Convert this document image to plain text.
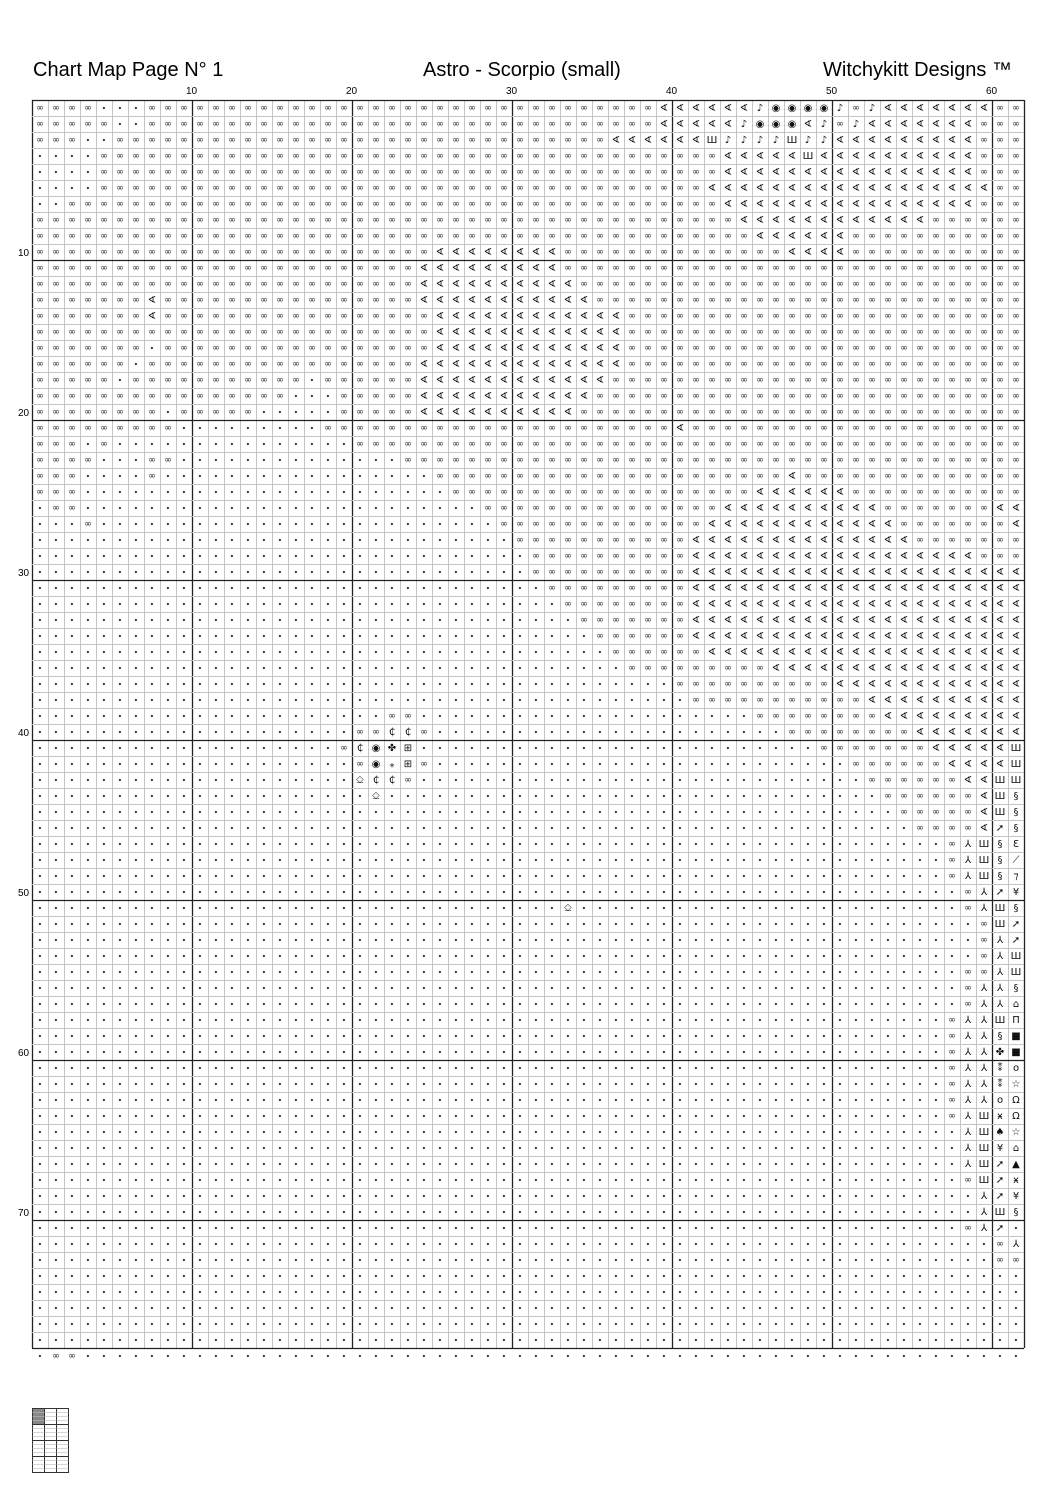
Chart Map Page N° 1	Astro - Scorpio (small)	Witchykitt Designs ™
10	20	30	40	50	60
10
20
30
40
50
60
70
∞ ∞ ∞ ∞ • • • ∞ ∞ ∞ ∞ ∞ ∞ ∞ ∞ ∞ ∞ ∞ ∞ ∞ ∞ ∞ ∞ ∞ ∞ ∞ ∞ ∞ ∞ ∞ ∞ ∞ ∞ ∞ ∞ ∞ ∞ ∞ ∞ ∢ ∢ ∢ ∢ ∢ ∢ ♪ ◉ ◉ ◉ ◉ ♪ ∞ ♪ ∢ ∢ ∢ ∢ ∢ ∢ ∢ ∞ ∞
∞ ∞ ∞ ∞ ∞ • • ∞ ∞ ∞ ∞ ∞ ∞ ∞ ∞ ∞ ∞ ∞ ∞ ∞ ∞ ∞ ∞ ∞ ∞ ∞ ∞ ∞ ∞ ∞ ∞ ∞ ∞ ∞ ∞ ∞ ∞ ∞ ∞ ∢ ∢ ∢ ∢ ∢ ♪ ◉ ◉ ◉ ∢ ♪ ∞ ♪ ∢ ∢ ∢ ∢ ∢ ∢ ∢ ∞ ∞ ∞
∞ ∞ ∞ • • ∞ ∞ ∞ ∞ ∞ ∞ ∞ ∞ ∞ ∞ ∞ ∞ ∞ ∞ ∞ ∞ ∞ ∞ ∞ ∞ ∞ ∞ ∞ ∞ ∞ ∞ ∞ ∞ ∞ ∞ ∞ ∢ ∢ ∢ ∢ ∢ ∢ Ш ♪ ♪ ♪ ♪ Ш ♪ ♪ ∢ ∢ ∢ ∢ ∢ ∢ ∢ ∢ ∢ ∞ ∞ ∞
• • • • ∞ ∞ ∞ ∞ ∞ ∞ ∞ ∞ ∞ ∞ ∞ ∞ ∞ ∞ ∞ ∞ ∞ ∞ ∞ ∞ ∞ ∞ ∞ ∞ ∞ ∞ ∞ ∞ ∞ ∞ ∞ ∞ ∞ ∞ ∞ ∞ ∞ ∞ ∞ ∢ ∢ ∢ ∢ ∢ Ш ∢ ∢ ∢ ∢ ∢ ∢ ∢ ∢ ∢ ∢ ∞ ∞ ∞
• • • • ∞ ∞ ∞ ∞ ∞ ∞ ∞ ∞ ∞ ∞ ∞ ∞ ∞ ∞ ∞ ∞ ∞ ∞ ∞ ∞ ∞ ∞ ∞ ∞ ∞ ∞ ∞ ∞ ∞ ∞ ∞ ∞ ∞ ∞ ∞ ∞ ∞ ∞ ∞ ∢ ∢ ∢ ∢ ∢ ∢ ∢ ∢ ∢ ∢ ∢ ∢ ∢ ∢ ∢ ∢ ∞ ∞ ∞
• • • • ∞ ∞ ∞ ∞ ∞ ∞ ∞ ∞ ∞ ∞ ∞ ∞ ∞ ∞ ∞ ∞ ∞ ∞ ∞ ∞ ∞ ∞ ∞ ∞ ∞ ∞ ∞ ∞ ∞ ∞ ∞ ∞ ∞ ∞ ∞ ∞ ∞ ∞ ∢ ∢ ∢ ∢ ∢ ∢ ∢ ∢ ∢ ∢ ∢ ∢ ∢ ∢ ∢ ∢ ∢ ∢ ∞ ∞
• • ∞ ∞ ∞ ∞ ∞ ∞ ∞ ∞ ∞ ∞ ∞ ∞ ∞ ∞ ∞ ∞ ∞ ∞ ∞ ∞ ∞ ∞ ∞ ∞ ∞ ∞ ∞ ∞ ∞ ∞ ∞ ∞ ∞ ∞ ∞ ∞ ∞ ∞ ∞ ∞ ∞ ∢ ∢ ∢ ∢ ∢ ∢ ∢ ∢ ∢ ∢ ∢ ∢ ∢ ∢ ∢ ∢ ∞ ∞ ∞
∞ ∞ ∞ ∞ ∞ ∞ ∞ ∞ ∞ ∞ ∞ ∞ ∞ ∞ ∞ ∞ ∞ ∞ ∞ ∞ ∞ ∞ ∞ ∞ ∞ ∞ ∞ ∞ ∞ ∞ ∞ ∞ ∞ ∞ ∞ ∞ ∞ ∞ ∞ ∞ ∞ ∞ ∞ ∞ ∢ ∢ ∢ ∢ ∢ ∢ ∢ ∢ ∢ ∢ ∢ ∢ ∞ ∞ ∞ ∞ ∞ ∞
∞ ∞ ∞ ∞ ∞ ∞ ∞ ∞ ∞ ∞ ∞ ∞ ∞ ∞ ∞ ∞ ∞ ∞ ∞ ∞ ∞ ∞ ∞ ∞ ∞ ∞ ∞ ∞ ∞ ∞ ∞ ∞ ∞ ∞ ∞ ∞ ∞ ∞ ∞ ∞ ∞ ∞ ∞ ∞ ∞ ∢ ∢ ∢ ∢ ∢ ∢ ∞ ∞ ∞ ∞ ∞ ∞ ∞ ∞ ∞ ∞ ∞
∞ ∞ ∞ ∞ ∞ ∞ ∞ ∞ ∞ ∞ ∞ ∞ ∞ ∞ ∞ ∞ ∞ ∞ ∞ ∞ ∞ ∞ ∞ ∞ ∞ ∢ ∢ ∢ ∢ ∢ ∢ ∢ ∢ ∞ ∞ ∞ ∞ ∞ ∞ ∞ ∞ ∞ ∞ ∞ ∞ ∞ ∞ ∢ ∢ ∢ ∢ ∞ ∞ ∞ ∞ ∞ ∞ ∞ ∞ ∞ ∞ ∞
∞ ∞ ∞ ∞ ∞ ∞ ∞ ∞ ∞ ∞ ∞ ∞ ∞ ∞ ∞ ∞ ∞ ∞ ∞ ∞ ∞ ∞ ∞ ∞ ∢ ∢ ∢ ∢ ∢ ∢ ∢ ∢ ∢ ∞ ∞ ∞ ∞ ∞ ∞ ∞ ∞ ∞ ∞ ∞ ∞ ∞ ∞ ∞ ∞ ∞ ∞ ∞ ∞ ∞ ∞ ∞ ∞ ∞ ∞ ∞ ∞ ∞
∞ ∞ ∞ ∞ ∞ ∞ ∞ ∞ ∞ ∞ ∞ ∞ ∞ ∞ ∞ ∞ ∞ ∞ ∞ ∞ ∞ ∞ ∞ ∞ ∢ ∢ ∢ ∢ ∢ ∢ ∢ ∢ ∢ ∢ ∞ ∞ ∞ ∞ ∞ ∞ ∞ ∞ ∞ ∞ ∞ ∞ ∞ ∞ ∞ ∞ ∞ ∞ ∞ ∞ ∞ ∞ ∞ ∞ ∞ ∞ ∞ ∞
∞ ∞ ∞ ∞ ∞ ∞ ∞ ∢ ∞ ∞ ∞ ∞ ∞ ∞ ∞ ∞ ∞ ∞ ∞ ∞ ∞ ∞ ∞ ∞ ∢ ∢ ∢ ∢ ∢ ∢ ∢ ∢ ∢ ∢ ∢ ∞ ∞ ∞ ∞ ∞ ∞ ∞ ∞ ∞ ∞ ∞ ∞ ∞ ∞ ∞ ∞ ∞ ∞ ∞ ∞ ∞ ∞ ∞ ∞ ∞ ∞ ∞
∞ ∞ ∞ ∞ ∞ ∞ ∞ ∢ ∞ ∞ ∞ ∞ ∞ ∞ ∞ ∞ ∞ ∞ ∞ ∞ ∞ ∞ ∞ ∞ ∞ ∢ ∢ ∢ ∢ ∢ ∢ ∢ ∢ ∢ ∢ ∢ ∢ ∞ ∞ ∞ ∞ ∞ ∞ ∞ ∞ ∞ ∞ ∞ ∞ ∞ ∞ ∞ ∞ ∞ ∞ ∞ ∞ ∞ ∞ ∞ ∞ ∞
∞ ∞ ∞ ∞ ∞ ∞ ∞ ∞ ∞ ∞ ∞ ∞ ∞ ∞ ∞ ∞ ∞ ∞ ∞ ∞ ∞ ∞ ∞ ∞ ∞ ∢ ∢ ∢ ∢ ∢ ∢ ∢ ∢ ∢ ∢ ∢ ∢ ∞ ∞ ∞ ∞ ∞ ∞ ∞ ∞ ∞ ∞ ∞ ∞ ∞ ∞ ∞ ∞ ∞ ∞ ∞ ∞ ∞ ∞ ∞ ∞ ∞
∞ ∞ ∞ ∞ ∞ ∞ ∞ • ∞ ∞ ∞ ∞ ∞ ∞ ∞ ∞ ∞ ∞ ∞ ∞ ∞ ∞ ∞ ∞ ∞ ∢ ∢ ∢ ∢ ∢ ∢ ∢ ∢ ∢ ∢ ∢ ∢ ∞ ∞ ∞ ∞ ∞ ∞ ∞ ∞ ∞ ∞ ∞ ∞ ∞ ∞ ∞ ∞ ∞ ∞ ∞ ∞ ∞ ∞ ∞ ∞ ∞
∞ ∞ ∞ ∞ ∞ ∞ • ∞ ∞ ∞ ∞ ∞ ∞ ∞ ∞ ∞ ∞ ∞ ∞ ∞ ∞ ∞ ∞ ∞ ∢ ∢ ∢ ∢ ∢ ∢ ∢ ∢ ∢ ∢ ∢ ∢ ∢ ∞ ∞ ∞ ∞ ∞ ∞ ∞ ∞ ∞ ∞ ∞ ∞ ∞ ∞ ∞ ∞ ∞ ∞ ∞ ∞ ∞ ∞ ∞ ∞ ∞
∞ ∞ ∞ ∞ ∞ • ∞ ∞ ∞ ∞ ∞ ∞ ∞ ∞ ∞ ∞ ∞ • ∞ ∞ ∞ ∞ ∞ ∞ ∢ ∢ ∢ ∢ ∢ ∢ ∢ ∢ ∢ ∢ ∢ ∢ ∞ ∞ ∞ ∞ ∞ ∞ ∞ ∞ ∞ ∞ ∞ ∞ ∞ ∞ ∞ ∞ ∞ ∞ ∞ ∞ ∞ ∞ ∞ ∞ ∞ ∞
∞ ∞ ∞ ∞ ∞ ∞ ∞ ∞ ∞ ∞ ∞ ∞ ∞ ∞ ∞ ∞ • • • ∞ ∞ ∞ ∞ ∞ ∢ ∢ ∢ ∢ ∢ ∢ ∢ ∢ ∢ ∢ ∢ ∞ ∞ ∞ ∞ ∞ ∞ ∞ ∞ ∞ ∞ ∞ ∞ ∞ ∞ ∞ ∞ ∞ ∞ ∞ ∞ ∞ ∞ ∞ ∞ ∞ ∞ ∞
∞ ∞ ∞ ∞ ∞ ∞ ∞ ∞ • ∞ ∞ ∞ ∞ ∞ • • • • • ∞ ∞ ∞ ∞ ∞ ∢ ∢ ∢ ∢ ∢ ∢ ∢ ∢ ∢ ∢ ∞ ∞ ∞ ∞ ∞ ∞ ∞ ∞ ∞ ∞ ∞ ∞ ∞ ∞ ∞ ∞ ∞ ∞ ∞ ∞ ∞ ∞ ∞ ∞ ∞ ∞ ∞ ∞
∞ ∞ ∞ ∞ ∞ ∞ ∞ ∞ ∞ • • • • • • • • • ∞ ∞ ∞ ∞ ∞ ∞ ∞ ∞ ∞ ∞ ∞ ∞ ∞ ∞ ∞ ∞ ∞ ∞ ∞ ∞ ∞ ∞ ∢ ∞ ∞ ∞ ∞ ∞ ∞ ∞ ∞ ∞ ∞ ∞ ∞ ∞ ∞ ∞ ∞ ∞ ∞ ∞ ∞ ∞
∞ ∞ ∞ • ∞ • • • • • • • • • • • • • • • ∞ ∞ ∞ ∞ ∞ ∞ ∞ ∞ ∞ ∞ ∞ ∞ ∞ ∞ ∞ ∞ ∞ ∞ ∞ ∞ ∞ ∞ ∞ ∞ ∞ ∞ ∞ ∞ ∞ ∞ ∞ ∞ ∞ ∞ ∞ ∞ ∞ ∞ ∞ ∞ ∞ ∞
∞ ∞ ∞ ∞ • • • ∞ ∞ • • • • • • • • • • • • • • ∞ ∞ ∞ ∞ ∞ ∞ ∞ ∞ ∞ ∞ ∞ ∞ ∞ ∞ ∞ ∞ ∞ ∞ ∞ ∞ ∞ ∞ ∞ ∞ ∞ ∞ ∞ ∞ ∞ ∞ ∞ ∞ ∞ ∞ ∞ ∞ ∞ ∞ ∞
∞ ∞ ∞ • • • • ∞ • • • • • • • • • • • • • • • • • ∞ ∞ ∞ ∞ ∞ ∞ ∞ ∞ ∞ ∞ ∞ ∞ ∞ ∞ ∞ ∞ ∞ ∞ ∞ ∞ ∞ ∞ ∢ ∞ ∞ ∞ ∞ ∞ ∞ ∞ ∞ ∞ ∞ ∞ ∞ ∞ ∞
∞ ∞ ∞ • • • • • • • • • • • • • • • • • • • • • • • ∞ ∞ ∞ ∞ ∞ ∞ ∞ ∞ ∞ ∞ ∞ ∞ ∞ ∞ ∞ ∞ ∞ ∞ ∞ ∢ ∢ ∢ ∢ ∢ ∢ ∞ ∞ ∞ ∞ ∞ ∞ ∞ ∞ ∞ ∞ ∞
• ∞ ∞ • • • • • • • • • • • • • • • • • • • • • • • • • ∞ ∞ ∞ ∞ ∞ ∞ ∞ ∞ ∞ ∞ ∞ ∞ ∞ ∞ ∞ ∢ ∢ ∢ ∢ ∢ ∢ ∢ ∢ ∢ ∢ ∞ ∞ ∞ ∞ ∞ ∞ ∞ ∢ ∢
• • • ∞ • • • • • • • • • • • • • • • • • • • • • • • • • ∞ ∞ ∞ ∞ ∞ ∞ ∞ ∞ ∞ ∞ ∞ ∞ ∞ ∢ ∢ ∢ ∢ ∢ ∢ ∢ ∢ ∢ ∢ ∢ ∢ ∞ ∞ ∞ ∞ ∞ ∞ ∞ ∢
• • • • • • • • • • • • • • • • • • • • • • • • • • • • • • ∞ ∞ ∞ ∞ ∞ ∞ ∞ ∞ ∞ ∞ ∞ ∢ ∢ ∢ ∢ ∢ ∢ ∢ ∢ ∢ ∢ ∢ ∢ ∢ ∢ ∞ ∞ ∞ ∞ ∞ ∞ ∞
• • • • • • • • • • • • • • • • • • • • • • • • • • • • • • • ∞ ∞ ∞ ∞ ∞ ∞ ∞ ∞ ∞ ∞ ∢ ∢ ∢ ∢ ∢ ∢ ∢ ∢ ∢ ∢ ∢ ∢ ∢ ∢ ∢ ∢ ∢ ∢ ∞ ∞ ∞
• • • • • • • • • • • • • • • • • • • • • • • • • • • • • • • ∞ ∞ ∞ ∞ ∞ ∞ ∞ ∞ ∞ ∞ ∢ ∢ ∢ ∢ ∢ ∢ ∢ ∢ ∢ ∢ ∢ ∢ ∢ ∢ ∢ ∢ ∢ ∢ ∢ ∢ ∢
• • • • • • • • • • • • • • • • • • • • • • • • • • • • • • • • ∞ ∞ ∞ ∞ ∞ ∞ ∞ ∞ ∞ ∢ ∢ ∢ ∢ ∢ ∢ ∢ ∢ ∢ ∢ ∢ ∢ ∢ ∢ ∢ ∢ ∢ ∢ ∢ ∢ ∢
• • • • • • • • • • • • • • • • • • • • • • • • • • • • • • • • • ∞ ∞ ∞ ∞ ∞ ∞ ∞ ∞ ∢ ∢ ∢ ∢ ∢ ∢ ∢ ∢ ∢ ∢ ∢ ∢ ∢ ∢ ∢ ∢ ∢ ∢ ∢ ∢ ∢
• • • • • • • • • • • • • • • • • • • • • • • • • • • • • • • • • • ∞ ∞ ∞ ∞ ∞ ∞ ∞ ∢ ∢ ∢ ∢ ∢ ∢ ∢ ∢ ∢ ∢ ∢ ∢ ∢ ∢ ∢ ∢ ∢ ∢ ∢ ∢ ∢
• • • • • • • • • • • • • • • • • • • • • • • • • • • • • • • • • • • ∞ ∞ ∞ ∞ ∞ ∞ ∢ ∢ ∢ ∢ ∢ ∢ ∢ ∢ ∢ ∢ ∢ ∢ ∢ ∢ ∢ ∢ ∢ ∢ ∢ ∢ ∢
• • • • • • • • • • • • • • • • • • • • • • • • • • • • • • • • • • • • ∞ ∞ ∞ ∞ ∞ ∞ ∢ ∢ ∢ ∢ ∢ ∢ ∢ ∢ ∢ ∢ ∢ ∢ ∢ ∢ ∢ ∢ ∢ ∢ ∢ ∢
• • • • • • • • • • • • • • • • • • • • • • • • • • • • • • • • • • • • • ∞ ∞ ∞ ∞ ∞ ∞ ∞ ∞ ∞ ∢ ∢ ∢ ∢ ∢ ∢ ∢ ∢ ∢ ∢ ∢ ∢ ∢ ∢ ∢ ∢
• • • • • • • • • • • • • • • • • • • • • • • • • • • • • • • • • • • • • • • • ∞ ∞ ∞ ∞ ∞ ∞ ∞ ∞ ∞ ∞ ∢ ∢ ∢ ∢ ∢ ∢ ∢ ∢ ∢ ∢ ∢ ∢
• • • • • • • • • • • • • • • • • • • • • • • • • • • • • • • • • • • • • • • • • ∞ ∞ ∞ ∞ ∞ ∞ ∞ ∞ ∞ ∞ ∞ ∢ ∢ ∢ ∢ ∢ ∢ ∢ ∢ ∢ ∢
• • • • • • • • • • • • • • • • • • • • • • ∞ ∞ • • • • • • • • • • • • • • • • • • • • • ∞ ∞ ∞ ∞ ∞ ∞ ∞ ∞ ∢ ∢ ∢ ∢ ∢ ∢ ∢ ∢ ∢
• • • • • • • • • • • • • • • • • • • • ∞ ∞ ₵ ₵ ∞ • • • • • • • • • • • • • • • • • • • • • • ∞ ∞ ∞ ∞ ∞ ∞ ∞ ∞ ∢ ∢ ∢ ∢ ∢ ∢ ∢
• • • • • • • • • • • • • • • • • • • ∞ ₵ ◉ ✤ ⊞ • • • • • • • • • • • • • • • • • • • • • • • • • ∞ ∞ ∞ ∞ ∞ ∞ ∞ ∢ ∢ ∢ ∢ ∢ Ш
• • • • • • • • • • • • • • • • • • • • ∞ ◉ ⁎ ⊞ ∞ • • • • • • • • • • • • • • • • • • • • • • • • • • ∞ ∞ ∞ ∞ ∞ ∞ ∢ ∢ ∢ ∢ Ш
• • • • • • • • • • • • • • • • • • • • ⎐ ₵ ₵ ∞ • • • • • • • • • • • • • • • • • • • • • • • • • • • • ∞ ∞ ∞ ∞ ∞ ∞ ∢ ∢ Ш Ш
• • • • • • • • • • • • • • • • • • • • • ⎐ • • • • • • • • • • • • • • • • • • • • • • • • • • • • • • • ∞ ∞ ∞ ∞ ∞ ∞ ∢ Ш §
• • • • • • • • • • • • • • • • • • • • • • • • • • • • • • • • • • • • • • • • • • • • • • • • • • • • • • ∞ ∞ ∞ ∞ ∞ ∢ Ш §
• • • • • • • • • • • • • • • • • • • • • • • • • • • • • • • • • • • • • • • • • • • • • • • • • • • • • • • ∞ ∞ ∞ ∞ ∢ ➚ §
• • • • • • • • • • • • • • • • • • • • • • • • • • • • • • • • • • • • • • • • • • • • • • • • • • • • • • • • • ∞ ⅄ Ш § Ɛ
• • • • • • • • • • • • • • • • • • • • • • • • • • • • • • • • • • • • • • • • • • • • • • • • • • • • • • • • • ∞ ⅄ Ш § ⟋
• • • • • • • • • • • • • • • • • • • • • • • • • • • • • • • • • • • • • • • • • • • • • • • • • • • • • • • • • ∞ ⅄ Ш § ⁊
• • • • • • • • • • • • • • • • • • • • • • • • • • • • • • • • • • • • • • • • • • • • • • • • • • • • • • • • • • ∞ ⅄ ➚ ¥
• • • • • • • • • • • • • • • • • • • • • • • • • • • • • • • • • ⎐ • • • • • • • • • • • • • • • • • • • • • • • • ∞ ⅄ Ш §
• • • • • • • • • • • • • • • • • • • • • • • • • • • • • • • • • • • • • • • • • • • • • • • • • • • • • • • • • • • ∞ Ш ➚
• • • • • • • • • • • • • • • • • • • • • • • • • • • • • • • • • • • • • • • • • • • • • • • • • • • • • • • • • • • ∞ ⅄ ➚
• • • • • • • • • • • • • • • • • • • • • • • • • • • • • • • • • • • • • • • • • • • • • • • • • • • • • • • • • • • ∞ ⅄ Ш
• • • • • • • • • • • • • • • • • • • • • • • • • • • • • • • • • • • • • • • • • • • • • • • • • • • • • • • • • • ∞ ∞ ⅄ Ш
• • • • • • • • • • • • • • • • • • • • • • • • • • • • • • • • • • • • • • • • • • • • • • • • • • • • • • • • • • ∞ ⅄ ⅄ §
• • • • • • • • • • • • • • • • • • • • • • • • • • • • • • • • • • • • • • • • • • • • • • • • • • • • • • • • • • ∞ ⅄ ⅄ ⌂
• • • • • • • • • • • • • • • • • • • • • • • • • • • • • • • • • • • • • • • • • • • • • • • • • • • • • • • • • ∞ ⅄ ⅄ Ш Π
• • • • • • • • • • • • • • • • • • • • • • • • • • • • • • • • • • • • • • • • • • • • • • • • • • • • • • • • • ∞ ⅄ ⅄ § ■
• • • • • • • • • • • • • • • • • • • • • • • • • • • • • • • • • • • • • • • • • • • • • • • • • • • • • • • • • ∞ ⅄ ⅄ ✤ ■
• • • • • • • • • • • • • • • • • • • • • • • • • • • • • • • • • • • • • • • • • • • • • • • • • • • • • • • • • ∞ ⅄ ⅄ ⁑ o
• • • • • • • • • • • • • • • • • • • • • • • • • • • • • • • • • • • • • • • • • • • • • • • • • • • • • • • • • ∞ ⅄ ⅄ ⁑ ☆
• • • • • • • • • • • • • • • • • • • • • • • • • • • • • • • • • • • • • • • • • • • • • • • • • • • • • • • • • ∞ ⅄ ⅄ o Ω
• • • • • • • • • • • • • • • • • • • • • • • • • • • • • • • • • • • • • • • • • • • • • • • • • • • • • • • • • ∞ ⅄ Ш ӿ Ω
• • • • • • • • • • • • • • • • • • • • • • • • • • • • • • • • • • • • • • • • • • • • • • • • • • • • • • • • • • ⅄ Ш ♠ ☆
• • • • • • • • • • • • • • • • • • • • • • • • • • • • • • • • • • • • • • • • • • • • • • • • • • • • • • • • • • ⅄ Ш ¥ ⌂
• • • • • • • • • • • • • • • • • • • • • • • • • • • • • • • • • • • • • • • • • • • • • • • • • • • • • • • • • • ⅄ Ш ➚ ▲
• • • • • • • • • • • • • • • • • • • • • • • • • • • • • • • • • • • • • • • • • • • • • • • • • • • • • • • • • • ∞ Ш ➚ ӿ
• • • • • • • • • • • • • • • • • • • • • • • • • • • • • • • • • • • • • • • • • • • • • • • • • • • • • • • • • • • ⅄ ➚ ¥
• • • • • • • • • • • • • • • • • • • • • • • • • • • • • • • • • • • • • • • • • • • • • • • • • • • • • • • • • • • ⅄ Ш §
• • • • • • • • • • • • • • • • • • • • • • • • • • • • • • • • • • • • • • • • • • • • • • • • • • • • • • • • • • ∞ ⅄ ➚ •
• • • • • • • • • • • • • • • • • • • • • • • • • • • • • • • • • • • • • • • • • • • • • • • • • • • • • • • • • • • • ∞ ⅄
• • • • • • • • • • • • • • • • • • • • • • • • • • • • • • • • • • • • • • • • • • • • • • • • • • • • • • • • • • • • ∞ ∞
• • • • • • • • • • • • • • • • • • • • • • • • • • • • • • • • • • • • • • • • • • • • • • • • • • • • • • • • • • • • • •
• • • • • • • • • • • • • • • • • • • • • • • • • • • • • • • • • • • • • • • • • • • • • • • • • • • • • • • • • • • • • •
• • • • • • • • • • • • • • • • • • • • • • • • • • • • • • • • • • • • • • • • • • • • • • • • • • • • • • • • • • • • • •
• • • • • • • • • • • • • • • • • • • • • • • • • • • • • • • • • • • • • • • • • • • • • • • • • • • • • • • • • • • • • •
• • • • • • • • • • • • • • • • • • • • • • • • • • • • • • • • • • • • • • • • • • • • • • • • • • • • • • • • • • • • • •
• ∞ ∞ • • • • • • • • • • • • • • • • • • • • • • • • • • • • • • • • • • • • • • • • • • • • • • • • • • • • • • • • • • •
